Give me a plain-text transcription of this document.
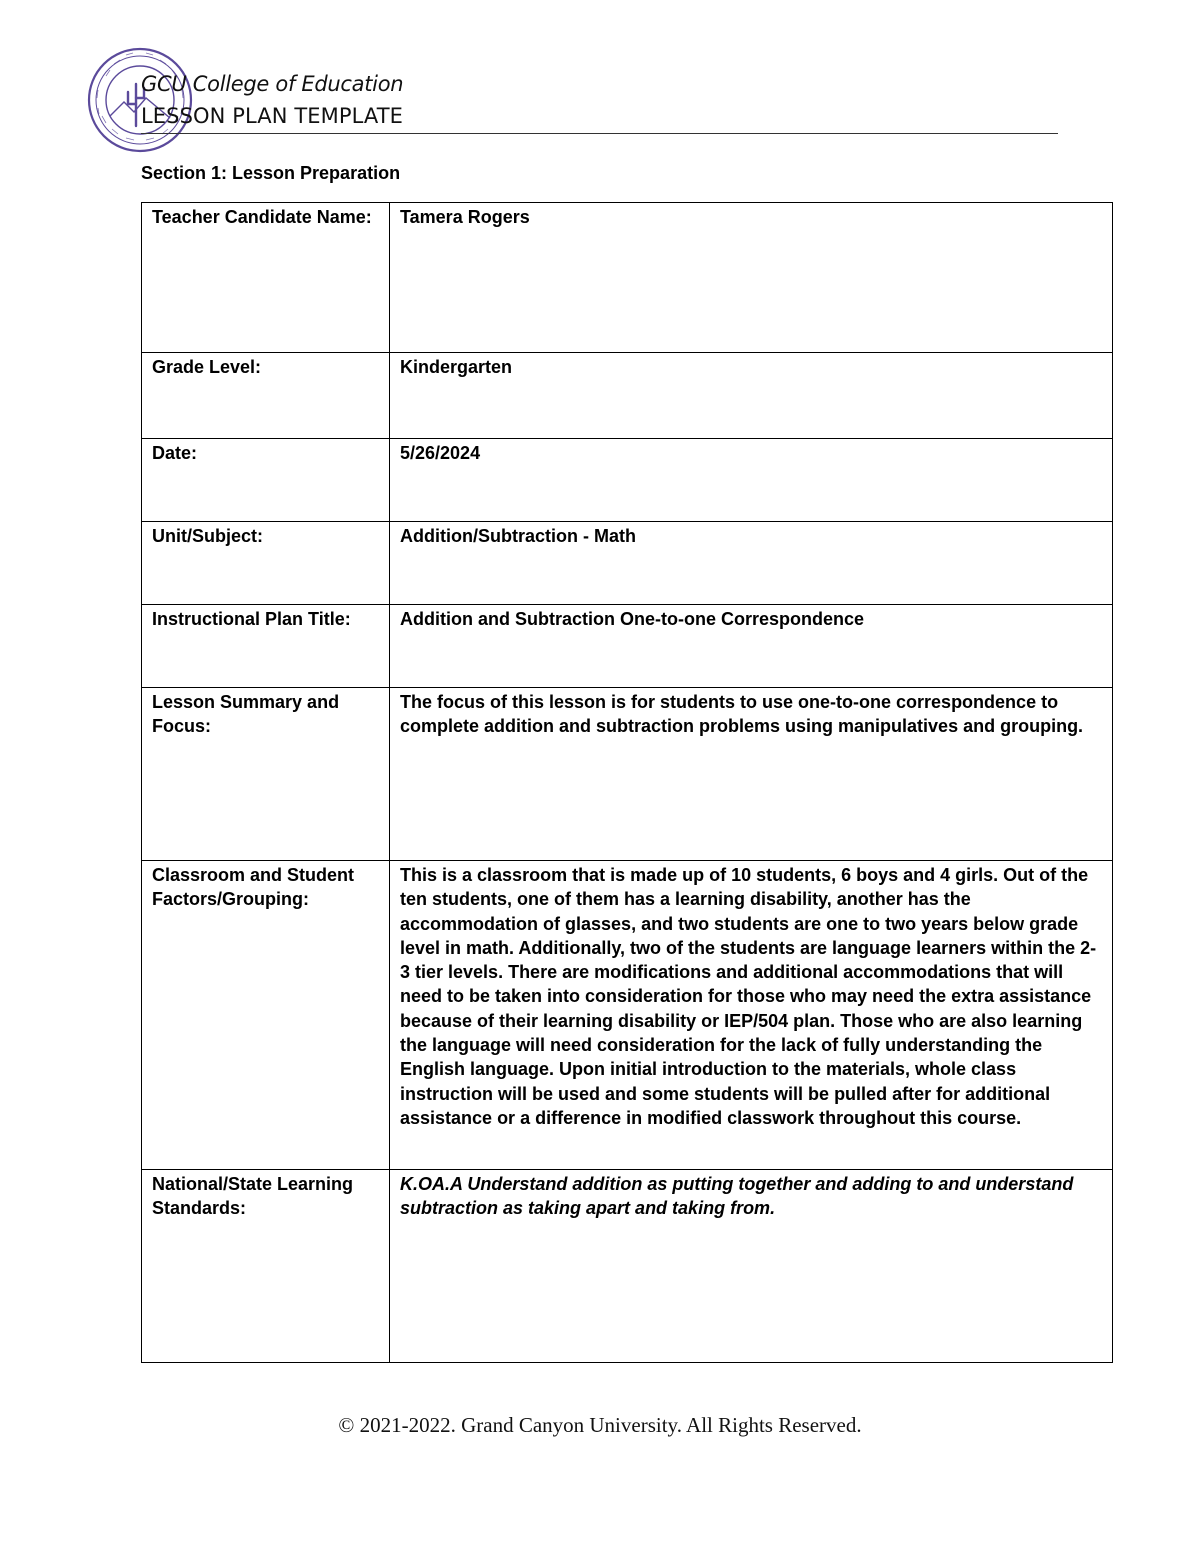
GCU College of Education
LESSON PLAN TEMPLATE
Section 1: Lesson Preparation
Teacher Candidate Name:	Tamera Rogers
Grade Level:	Kindergarten
Date:	5/26/2024
Unit/Subject:	Addition/Subtraction - Math
Instructional Plan Title:	Addition and Subtraction One-to-one Correspondence
Lesson Summary and Focus:	The focus of this lesson is for students to use one-to-one correspondence to complete addition and subtraction problems using manipulatives and grouping.
Classroom and Student Factors/Grouping:	This is a classroom that is made up of 10 students, 6 boys and 4 girls. Out of the ten students, one of them has a learning disability, another has the accommodation of glasses, and two students are one to two years below grade level in math. Additionally, two of the students are language learners within the 2-3 tier levels. There are modifications and additional accommodations that will need to be taken into consideration for those who may need the extra assistance because of their learning disability or IEP/504 plan. Those who are also learning the language will need consideration for the lack of fully understanding the English language. Upon initial introduction to the materials, whole class instruction will be used and some students will be pulled after for additional assistance or a difference in modified classwork throughout this course.
National/State Learning Standards:	K.OA.A Understand addition as putting together and adding to and understand subtraction as taking apart and taking from.
© 2021-2022. Grand Canyon University. All Rights Reserved.
